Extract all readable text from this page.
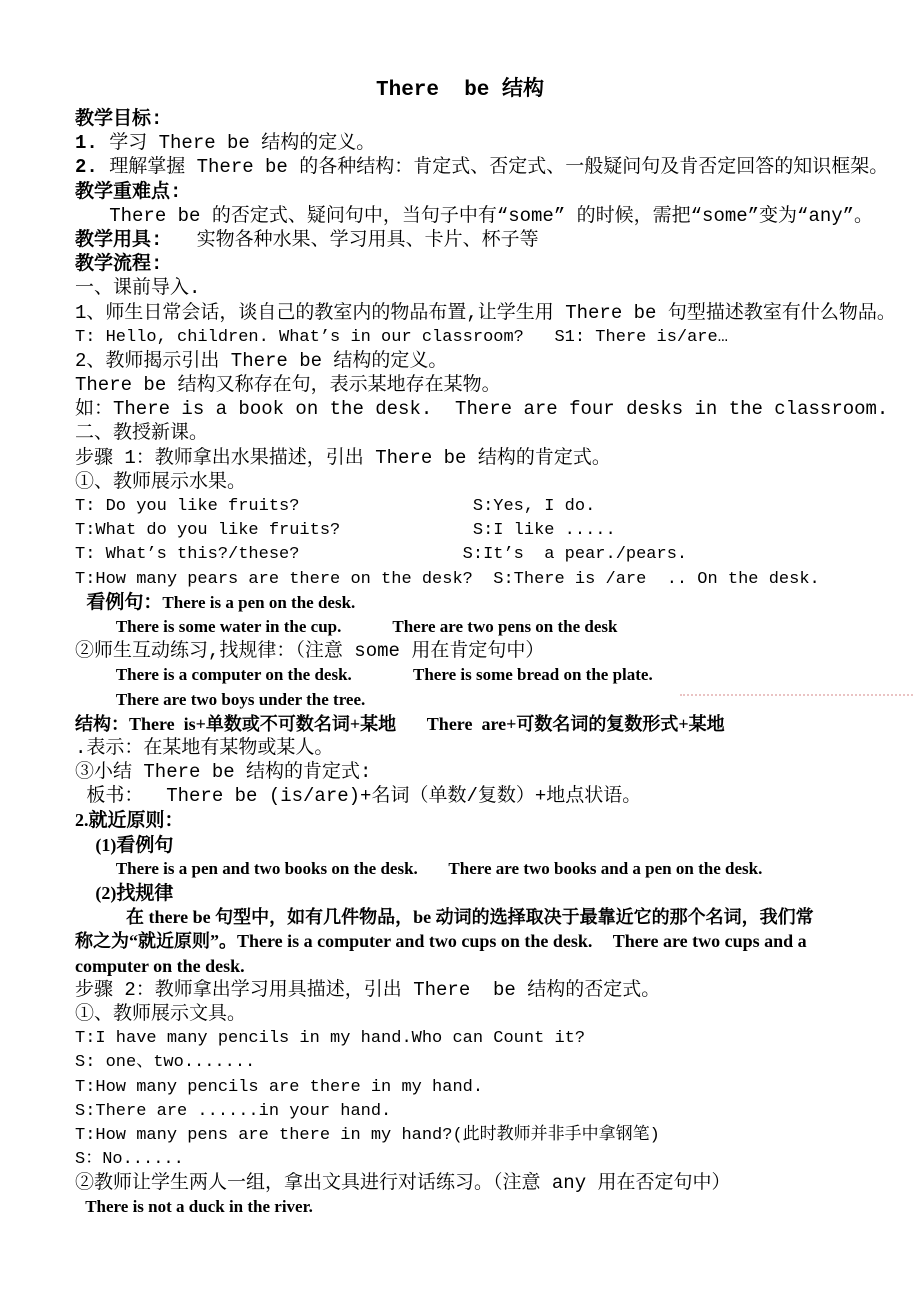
There  be 结构
教学目标:
1. 学习 There be 结构的定义。
2. 理解掌握 There be 的各种结构：肯定式、否定式、一般疑问句及肯否定回答的知识框架。
教学重难点:
There be 的否定式、疑问句中，当句子中有“some” 的时候，需把“some”变为“any”。
教学用具:   实物各种水果、学习用具、卡片、杯子等
教学流程:
一、课前导入.
1、师生日常会话，谈自己的教室内的物品布置,让学生用 There be 句型描述教室有什么物品。
T: Hello, children. What’s in our classroom?   S1: There is/are…
2、教师揭示引出 There be 结构的定义。
There be 结构又称存在句，表示某地存在某物。
如：There is a book on the desk.  There are four desks in the classroom.
二、教授新课。
步骤 1：教师拿出水果描述，引出 There be 结构的肯定式。
①、教师展示水果。
T: Do you like fruits?                 S:Yes, I do.
T:What do you like fruits?             S:I like .....
T: What’s this?/these?                S:It’s  a pear./pears.
T:How many pears are there on the desk?  S:There is /are  .. On the desk.
看例句：There is a pen on the desk.
There is some water in the cup.	There are two pens on the desk
②师生互动练习,找规律：（注意 some 用在肯定句中）
There is a computer on the desk.	There is some bread on the plate.
There are two boys under the tree.
结构：There  is+单数或不可数名词+某地 There  are+可数名词的复数形式+某地
.表示：在某地有某物或某人。
③小结 There be 结构的肯定式:
板书：  There be (is/are)+名词（单数/复数）+地点状语。
2.就近原则：
(1)看例句
There is a pen and two books on the desk. There are two books and a pen on the desk.
(2)找规律
在 there be 句型中，如有几件物品，be 动词的选择取决于最靠近它的那个名词，我们常
称之为“就近原则”。There is a computer and two cups on the desk. There are two cups and a
computer on the desk.
步骤 2：教师拿出学习用具描述，引出 There  be 结构的否定式。
①、教师展示文具。
T:I have many pencils in my hand.Who can Count it?
S: one、two.......
T:How many pencils are there in my hand.
S:There are ......in your hand.
T:How many pens are there in my hand?(此时教师并非手中拿钢笔)
S：No......
②教师让学生两人一组，拿出文具进行对话练习。（注意 any 用在否定句中）
There is not a duck in the river.
